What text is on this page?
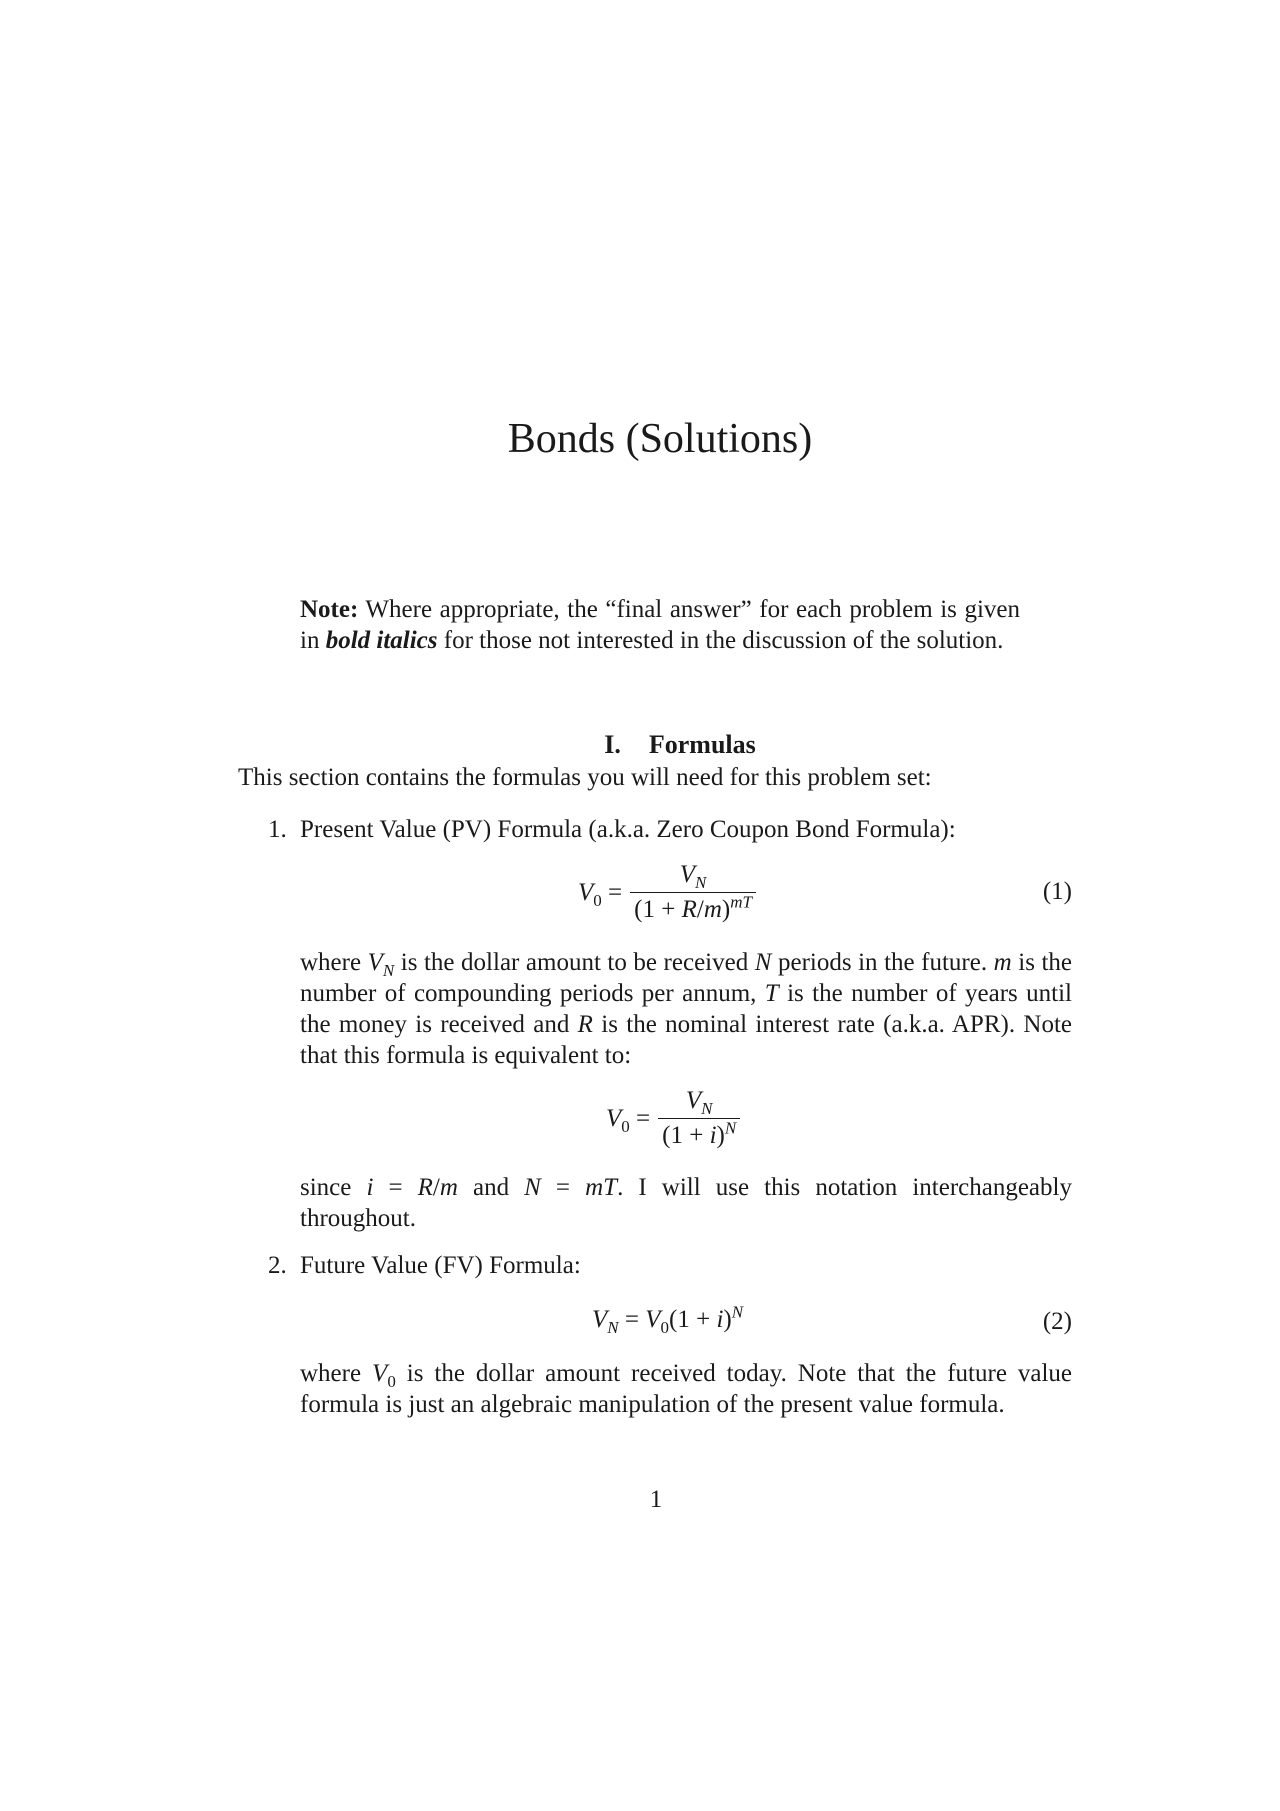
Bonds (Solutions)

Note: Where appropriate, the “final answer” for each problem is given in bold italics for those not interested in the discussion of the solution.

I. Formulas

This section contains the formulas you will need for this problem set:

1. Present Value (PV) Formula (a.k.a. Zero Coupon Bond Formula):

$V_0 = \frac{V_N}{(1 + R/m)^{mT}}$	(1)

where $V_N$ is the dollar amount to be received N periods in the future. m is the number of compounding periods per annum, T is the number of years until the money is received and R is the nominal interest rate (a.k.a. APR). Note that this formula is equivalent to:

$V_0 = \frac{V_N}{(1 + i)^N}$

since i = R/m and N = mT. I will use this notation interchangeably throughout.

2. Future Value (FV) Formula:

$V_N = V_0(1 + i)^N$	(2)

where $V_0$ is the dollar amount received today. Note that the future value formula is just an algebraic manipulation of the present value formula.

1
